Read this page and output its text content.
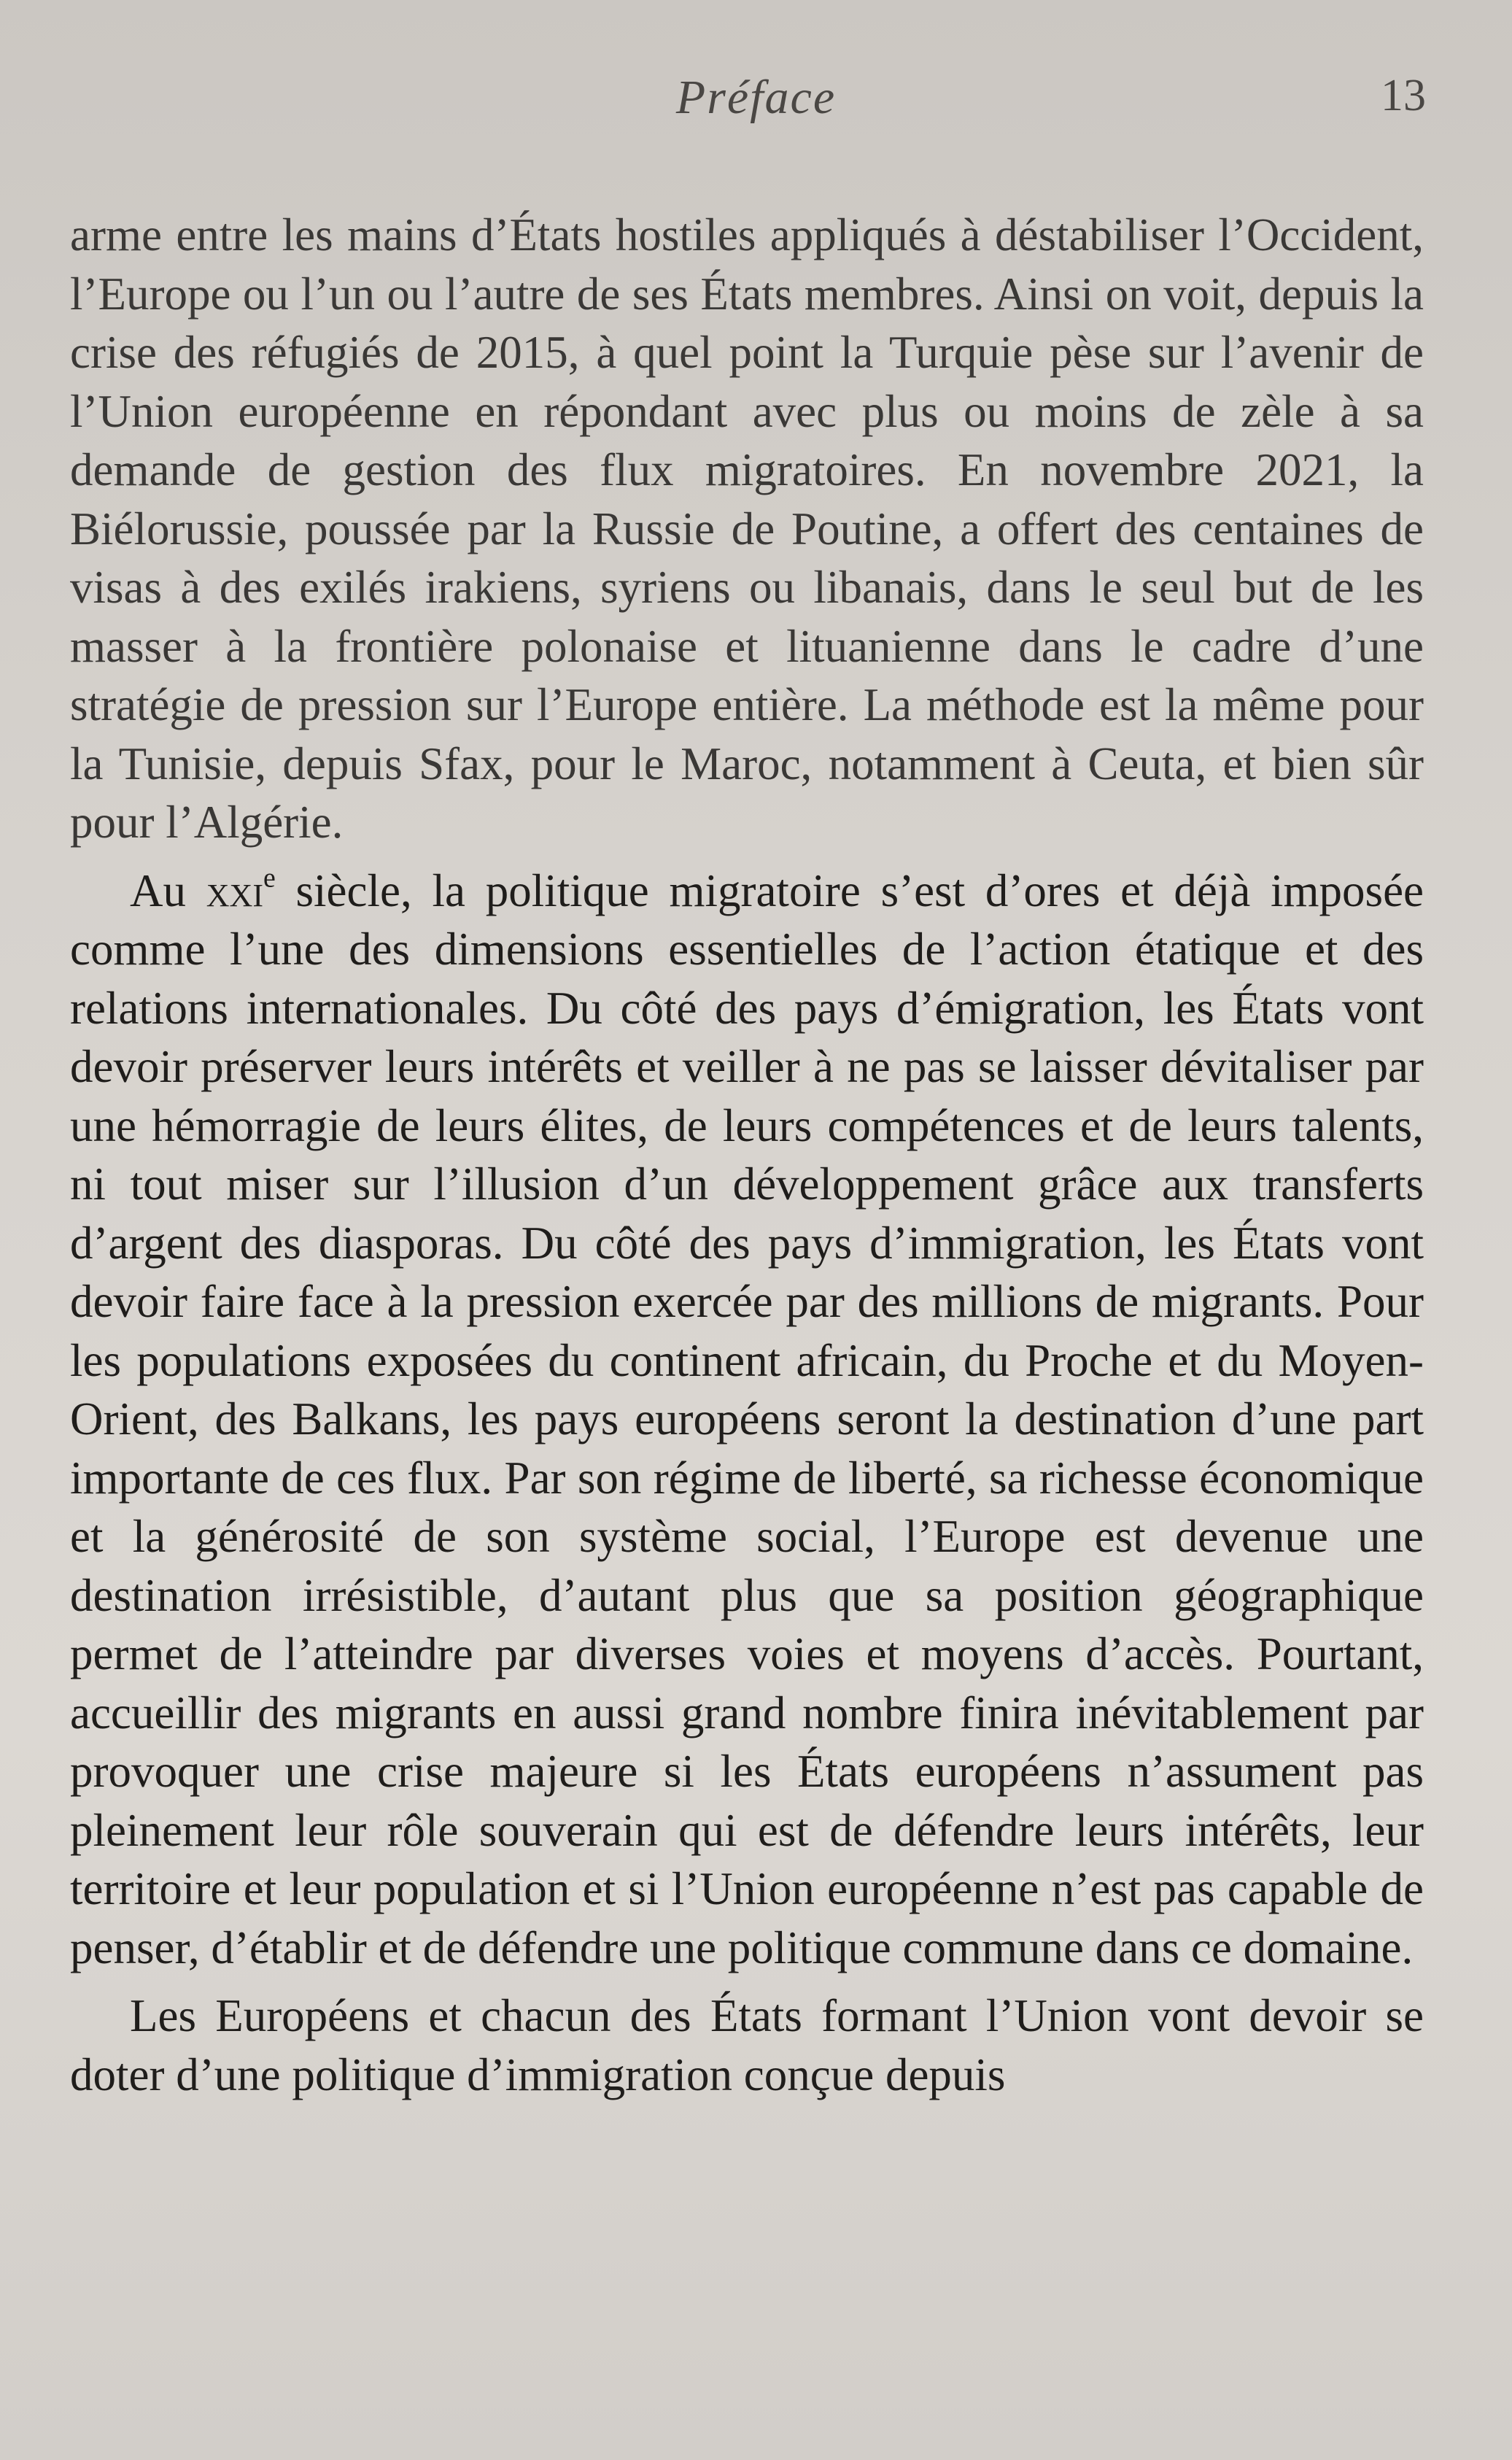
Préface	13

arme entre les mains d’États hostiles appliqués à déstabiliser l’Occident, l’Europe ou l’un ou l’autre de ses États membres. Ainsi on voit, depuis la crise des réfugiés de 2015, à quel point la Turquie pèse sur l’avenir de l’Union européenne en répondant avec plus ou moins de zèle à sa demande de gestion des flux migratoires. En novembre 2021, la Biélorussie, poussée par la Russie de Poutine, a offert des centaines de visas à des exilés irakiens, syriens ou libanais, dans le seul but de les masser à la frontière polonaise et lituanienne dans le cadre d’une stratégie de pression sur l’Europe entière. La méthode est la même pour la Tunisie, depuis Sfax, pour le Maroc, notamment à Ceuta, et bien sûr pour l’Algérie.

Au xxi$^e$ siècle, la politique migratoire s’est d’ores et déjà imposée comme l’une des dimensions essentielles de l’action étatique et des relations internationales. Du côté des pays d’émigration, les États vont devoir préserver leurs intérêts et veiller à ne pas se laisser dévitaliser par une hémorragie de leurs élites, de leurs compétences et de leurs talents, ni tout miser sur l’illusion d’un développement grâce aux transferts d’argent des diasporas. Du côté des pays d’immigration, les États vont devoir faire face à la pression exercée par des millions de migrants. Pour les populations exposées du continent africain, du Proche et du Moyen-Orient, des Balkans, les pays européens seront la destination d’une part importante de ces flux. Par son régime de liberté, sa richesse économique et la générosité de son système social, l’Europe est devenue une destination irrésistible, d’autant plus que sa position géographique permet de l’atteindre par diverses voies et moyens d’accès. Pourtant, accueillir des migrants en aussi grand nombre finira inévitablement par provoquer une crise majeure si les États européens n’assument pas pleinement leur rôle souverain qui est de défendre leurs intérêts, leur territoire et leur population et si l’Union européenne n’est pas capable de penser, d’établir et de défendre une politique commune dans ce domaine.

Les Européens et chacun des États formant l’Union vont devoir se doter d’une politique d’immigration conçue depuis
